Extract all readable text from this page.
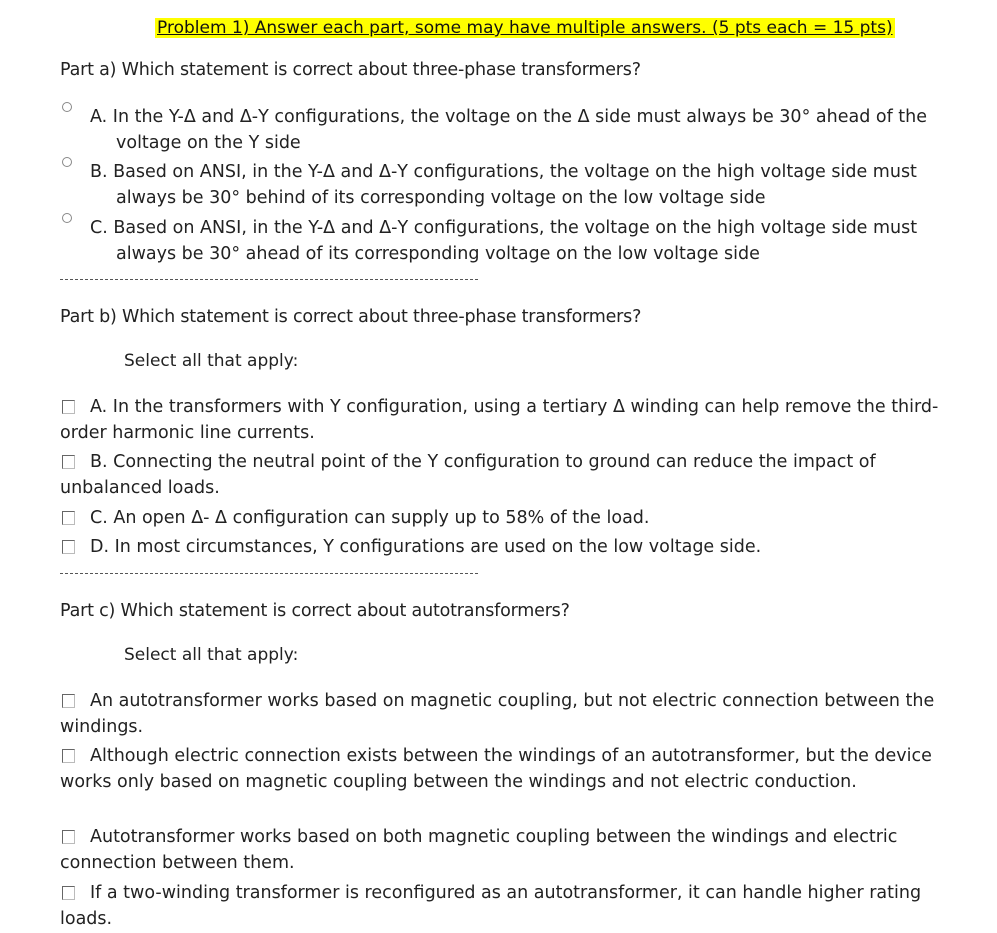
Problem 1) Answer each part, some may have multiple answers. (5 pts each = 15 pts)
Part a) Which statement is correct about three-phase transformers?
A. In the Y-Δ and Δ-Y configurations, the voltage on the Δ side must always be 30° ahead of the voltage on the Y side
B. Based on ANSI, in the Y-Δ and Δ-Y configurations, the voltage on the high voltage side must always be 30° behind of its corresponding voltage on the low voltage side
C. Based on ANSI, in the Y-Δ and Δ-Y configurations, the voltage on the high voltage side must always be 30° ahead of its corresponding voltage on the low voltage side
Part b) Which statement is correct about three-phase transformers?
Select all that apply:
A. In the transformers with Y configuration, using a tertiary Δ winding can help remove the third-order harmonic line currents.
B. Connecting the neutral point of the Y configuration to ground can reduce the impact of unbalanced loads.
C. An open Δ- Δ configuration can supply up to 58% of the load.
D. In most circumstances, Y configurations are used on the low voltage side.
Part c) Which statement is correct about autotransformers?
Select all that apply:
An autotransformer works based on magnetic coupling, but not electric connection between the windings.
Although electric connection exists between the windings of an autotransformer, but the device works only based on magnetic coupling between the windings and not electric conduction.
Autotransformer works based on both magnetic coupling between the windings and electric connection between them.
If a two-winding transformer is reconfigured as an autotransformer, it can handle higher rating loads.
